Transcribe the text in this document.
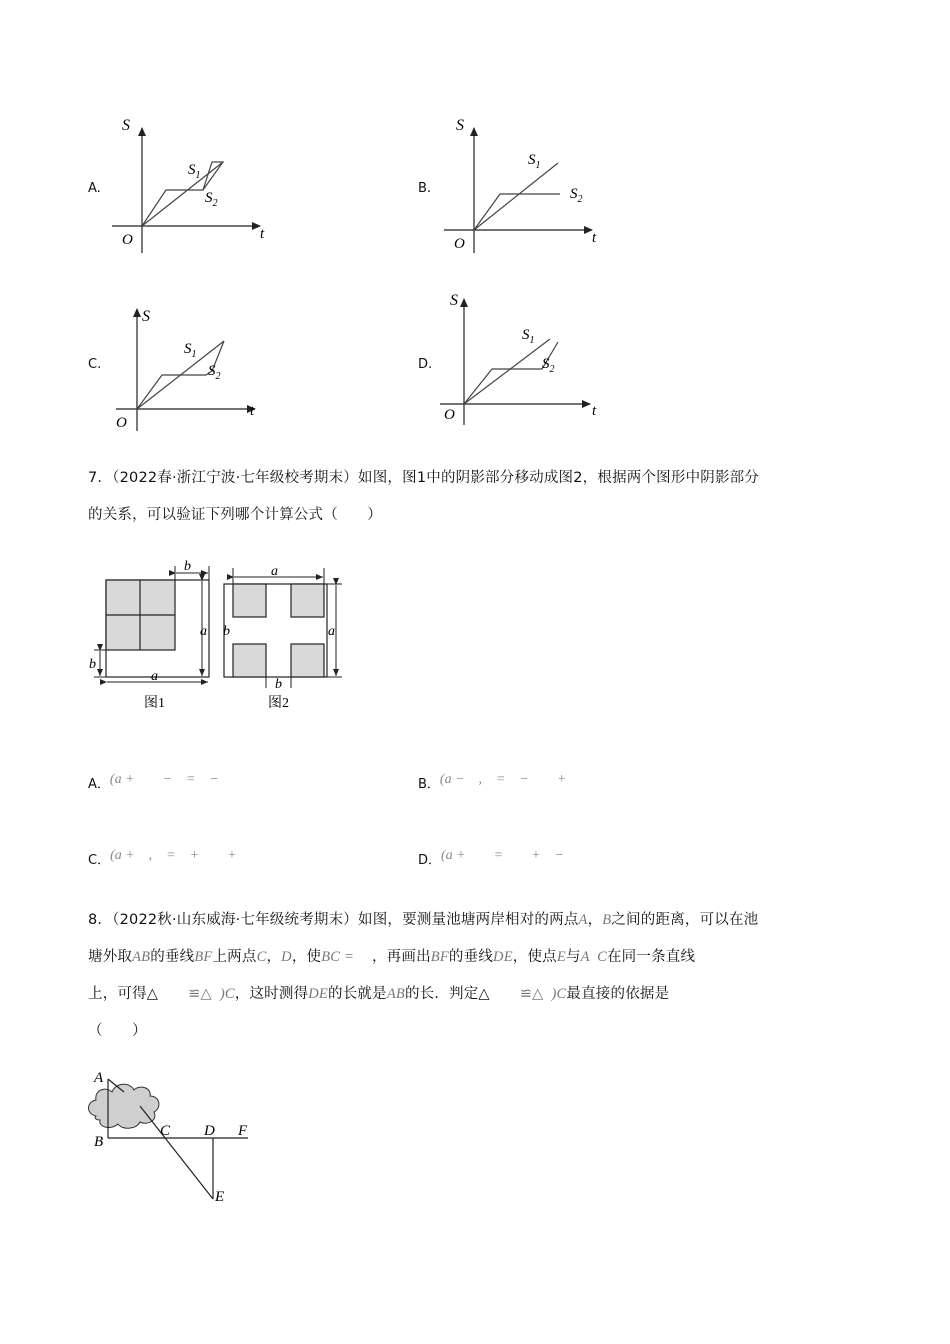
A.
S
t
O
$S_1$
$S_2$
B.
S
t
O
$S_1$
$S_2$
C.
S
t
O
$S_1$
$S_2$
D.
S
t
O
$S_1$
$S_2$
7．（2022春·浙江宁波·七年级校考期末）如图，图1中的阴影部分移动成图2，根据两个图形中阴影部分
的关系，可以验证下列哪个计算公式（　　）
b
a
b
a
图1
a
a
b
b
图2
A．(a +　　−　=　−	B．(a −　,　=　−　　+
C．(a +　,　=　+　　+	D．(a +　　=　　+　−
8．（2022秋·山东威海·七年级统考期末）如图，要测量池塘两岸相对的两点A，B之间的距离，可以在池
塘外取AB的垂线BF上两点C，D，使BC = ，再画出BF的垂线DE，使点E与A  C在同一条直线
上，可得△ ≌△ )C，这时测得DE的长就是AB的长．判定△ ≌△ )C最直接的依据是
（　　）
A
B
C D F
E
